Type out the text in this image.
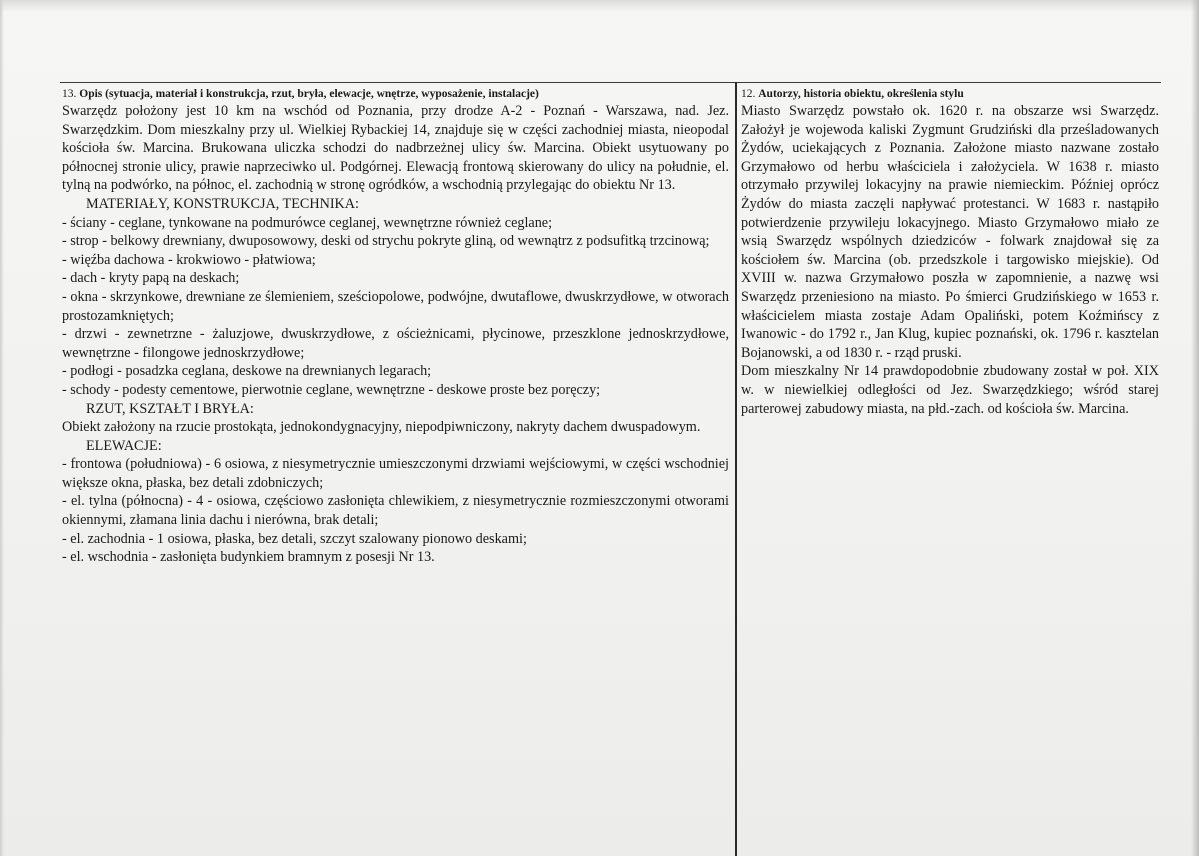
13. Opis (sytuacja, materiał i konstrukcja, rzut, bryła, elewacje, wnętrze, wyposażenie, instalacje)

Swarzędz położony jest 10 km na wschód od Poznania, przy drodze A-2 - Poznań - Warszawa, nad. Jez. Swarzędzkim. Dom mieszkalny przy ul. Wielkiej Rybackiej 14, znajduje się w części zachodniej miasta, nieopodal kościoła św. Marcina. Brukowana uliczka schodzi do nadbrzeżnej ulicy św. Marcina. Obiekt usytuowany po północnej stronie ulicy, prawie naprzeciwko ul. Podgórnej. Elewacją frontową skierowany do ulicy na południe, el. tylną na podwórko, na północ, el. zachodnią w stronę ogródków, a wschodnią przylegając do obiektu Nr 13.

MATERIAŁY, KONSTRUKCJA, TECHNIKA:

- ściany - ceglane, tynkowane na podmurówce ceglanej, wewnętrzne również ceglane;

- strop - belkowy drewniany, dwuposowowy, deski od strychu pokryte gliną, od wewnątrz z podsufitką trzcinową;

- więźba dachowa - krokwiowo - płatwiowa;

- dach - kryty papą na deskach;

- okna - skrzynkowe, drewniane ze ślemieniem, sześciopolowe, podwójne, dwutaflowe, dwuskrzydłowe, w otworach prostozamkniętych;

- drzwi - zewnetrzne - żaluzjowe, dwuskrzydłowe, z ościeżnicami, płycinowe, przeszklone jednoskrzydłowe, wewnętrzne - filongowe jednoskrzydłowe;

- podłogi - posadzka ceglana, deskowe na drewnianych legarach;

- schody - podesty cementowe, pierwotnie ceglane, wewnętrzne - deskowe proste bez poręczy;

RZUT, KSZTAŁT I BRYŁA:

Obiekt założony na rzucie prostokąta, jednokondygnacyjny, niepodpiwniczony, nakryty dachem dwuspadowym.

ELEWACJE:

- frontowa (południowa) - 6 osiowa, z niesymetrycznie umieszczonymi drzwiami wejściowymi, w części wschodniej większe okna, płaska, bez detali zdobniczych;

- el. tylna (północna) - 4 - osiowa, częściowo zasłonięta chlewikiem, z niesymetrycznie rozmieszczonymi otworami okiennymi, złamana linia dachu i nierówna, brak detali;

- el. zachodnia - 1 osiowa, płaska, bez detali, szczyt szalowany pionowo deskami;

- el. wschodnia - zasłonięta budynkiem bramnym z posesji Nr 13.

12. Autorzy, historia obiektu, określenia stylu

Miasto Swarzędz powstało ok. 1620 r. na obszarze wsi Swarzędz. Założył je wojewoda kaliski Zygmunt Grudziński dla prześladowanych Żydów, uciekających z Poznania. Założone miasto nazwane zostało Grzymałowo od herbu właściciela i założyciela. W 1638 r. miasto otrzymało przywilej lokacyjny na prawie niemieckim. Później oprócz Żydów do miasta zaczęli napływać protestanci. W 1683 r. nastąpiło potwierdzenie przywileju lokacyjnego. Miasto Grzymałowo miało ze wsią Swarzędz wspólnych dziedziców - folwark znajdował się za kościołem św. Marcina (ob. przedszkole i targowisko miejskie). Od XVIII w. nazwa Grzymałowo poszła w zapomnienie, a nazwę wsi Swarzędz przeniesiono na miasto. Po śmierci Grudzińskiego w 1653 r. właścicielem miasta zostaje Adam Opaliński, potem Koźmińscy z Iwanowic - do 1792 r., Jan Klug, kupiec poznański, ok. 1796 r. kasztelan Bojanowski, a od 1830 r. - rząd pruski.

Dom mieszkalny Nr 14 prawdopodobnie zbudowany został w poł. XIX w. w niewielkiej odległości od Jez. Swarzędzkiego; wśród starej parterowej zabudowy miasta, na płd.-zach. od kościoła św. Marcina.
